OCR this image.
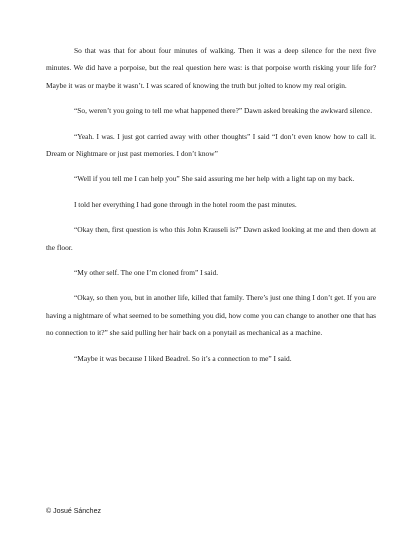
So that was that for about four minutes of walking. Then it was a deep silence for the next five minutes. We did have a porpoise, but the real question here was: is that porpoise worth risking your life for? Maybe it was or maybe it wasn’t. I was scared of knowing the truth but jolted to know my real origin.

“So, weren’t you going to tell me what happened there?” Dawn asked breaking the awkward silence.

“Yeah. I was. I just got carried away with other thoughts” I said “I don’t even know how to call it. Dream or Nightmare or just past memories. I don’t know”

“Well if you tell me I can help you” She said assuring me her help with a light tap on my back.

I told her everything I had gone through in the hotel room the past minutes.

“Okay then, first question is who this John Krauseli is?” Dawn asked looking at me and then down at the floor.

“My other self. The one I’m cloned from” I said.

“Okay, so then you, but in another life, killed that family. There’s just one thing I don’t get. If you are having a nightmare of what seemed to be something you did, how come you can change to another one that has no connection to it?” she said pulling her hair back on a ponytail as mechanical as a machine.

“Maybe it was because I liked Beadrel. So it’s a connection to me” I said.

© Josué Sánchez
